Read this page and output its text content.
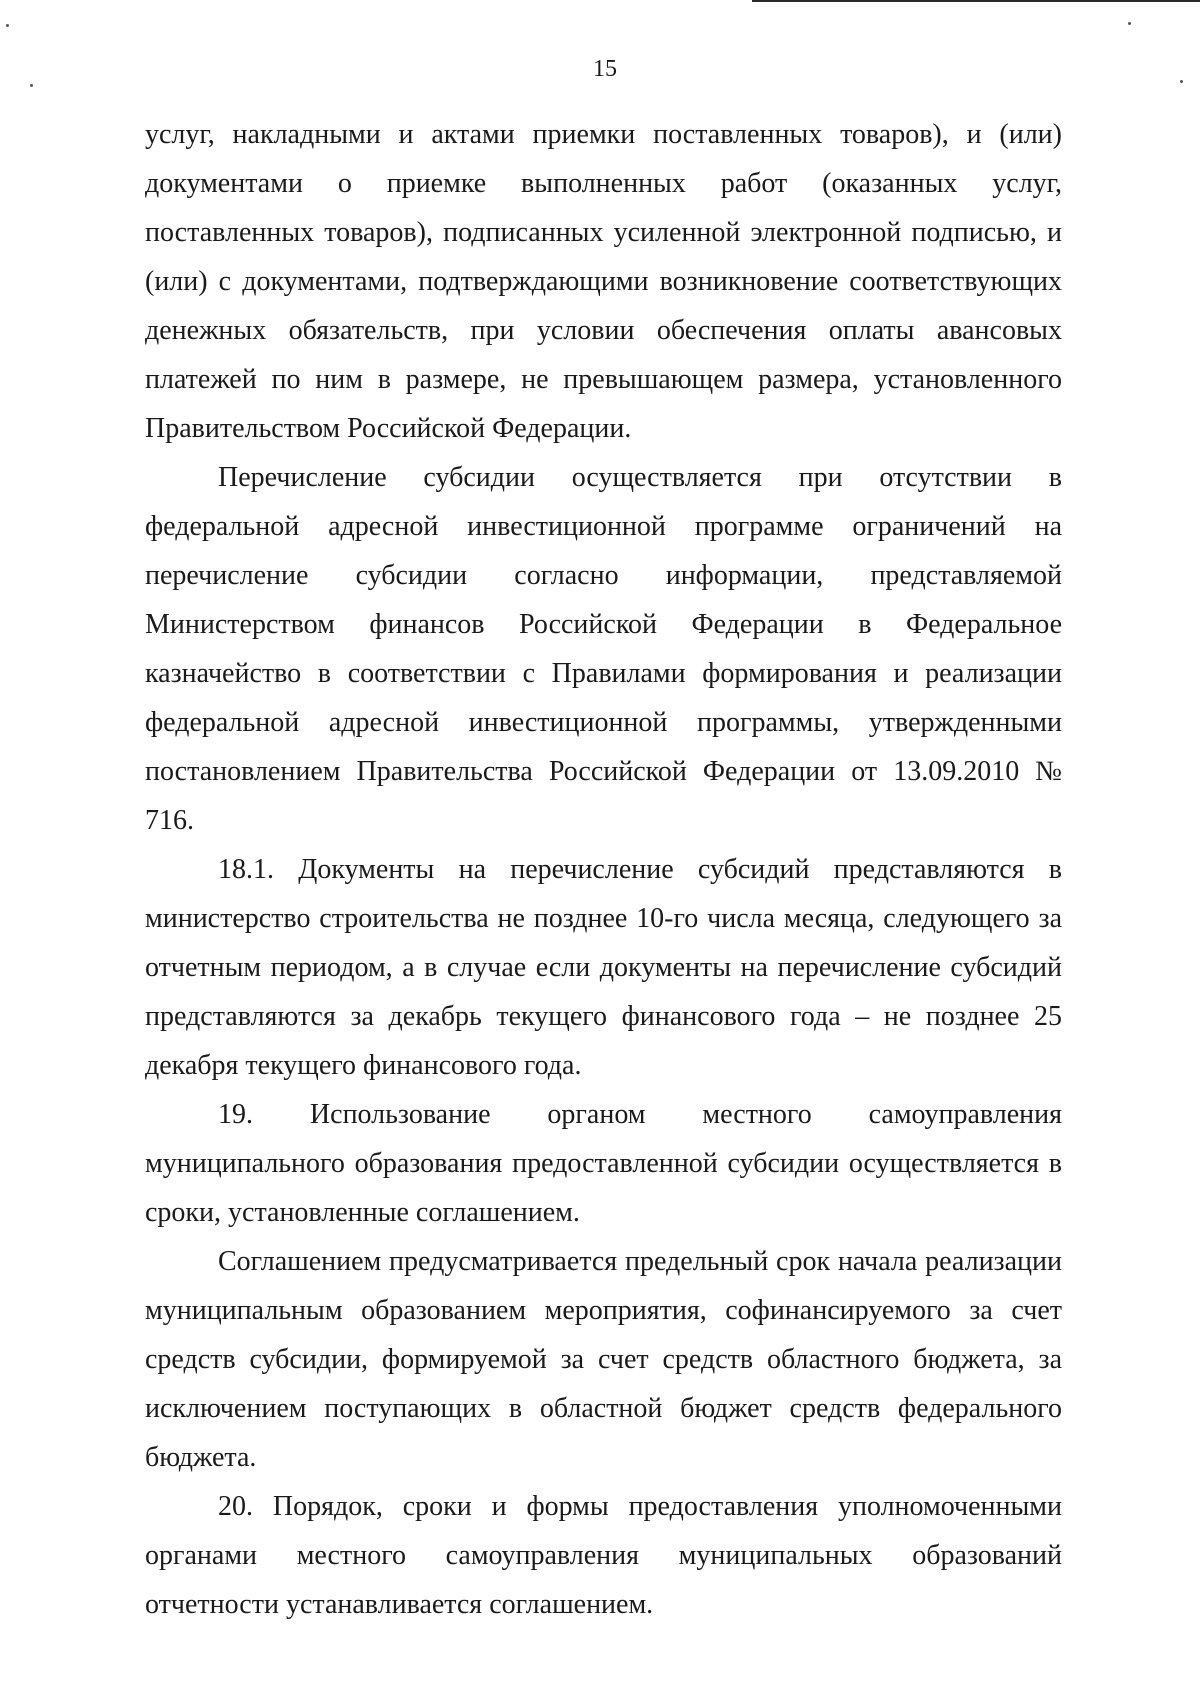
15

услуг, накладными и актами приемки поставленных товаров), и (или) документами о приемке выполненных работ (оказанных услуг, поставленных товаров), подписанных усиленной электронной подписью, и (или) с документами, подтверждающими возникновение соответствующих денежных обязательств, при условии обеспечения оплаты авансовых платежей по ним в размере, не превышающем размера, установленного Правительством Российской Федерации.

Перечисление субсидии осуществляется при отсутствии в федеральной адресной инвестиционной программе ограничений на перечисление субсидии согласно информации, представляемой Министерством финансов Российской Федерации в Федеральное казначейство в соответствии с Правилами формирования и реализации федеральной адресной инвестиционной программы, утвержденными постановлением Правительства Российской Федерации от 13.09.2010 № 716.

18.1. Документы на перечисление субсидий представляются в министерство строительства не позднее 10-го числа месяца, следующего за отчетным периодом, а в случае если документы на перечисление субсидий представляются за декабрь текущего финансового года – не позднее 25 декабря текущего финансового года.

19. Использование органом местного самоуправления муниципального образования предоставленной субсидии осуществляется в сроки, установленные соглашением.

Соглашением предусматривается предельный срок начала реализации муниципальным образованием мероприятия, софинансируемого за счет средств субсидии, формируемой за счет средств областного бюджета, за исключением поступающих в областной бюджет средств федерального бюджета.

20. Порядок, сроки и формы предоставления уполномоченными органами местного самоуправления муниципальных образований отчетности устанавливается соглашением.
